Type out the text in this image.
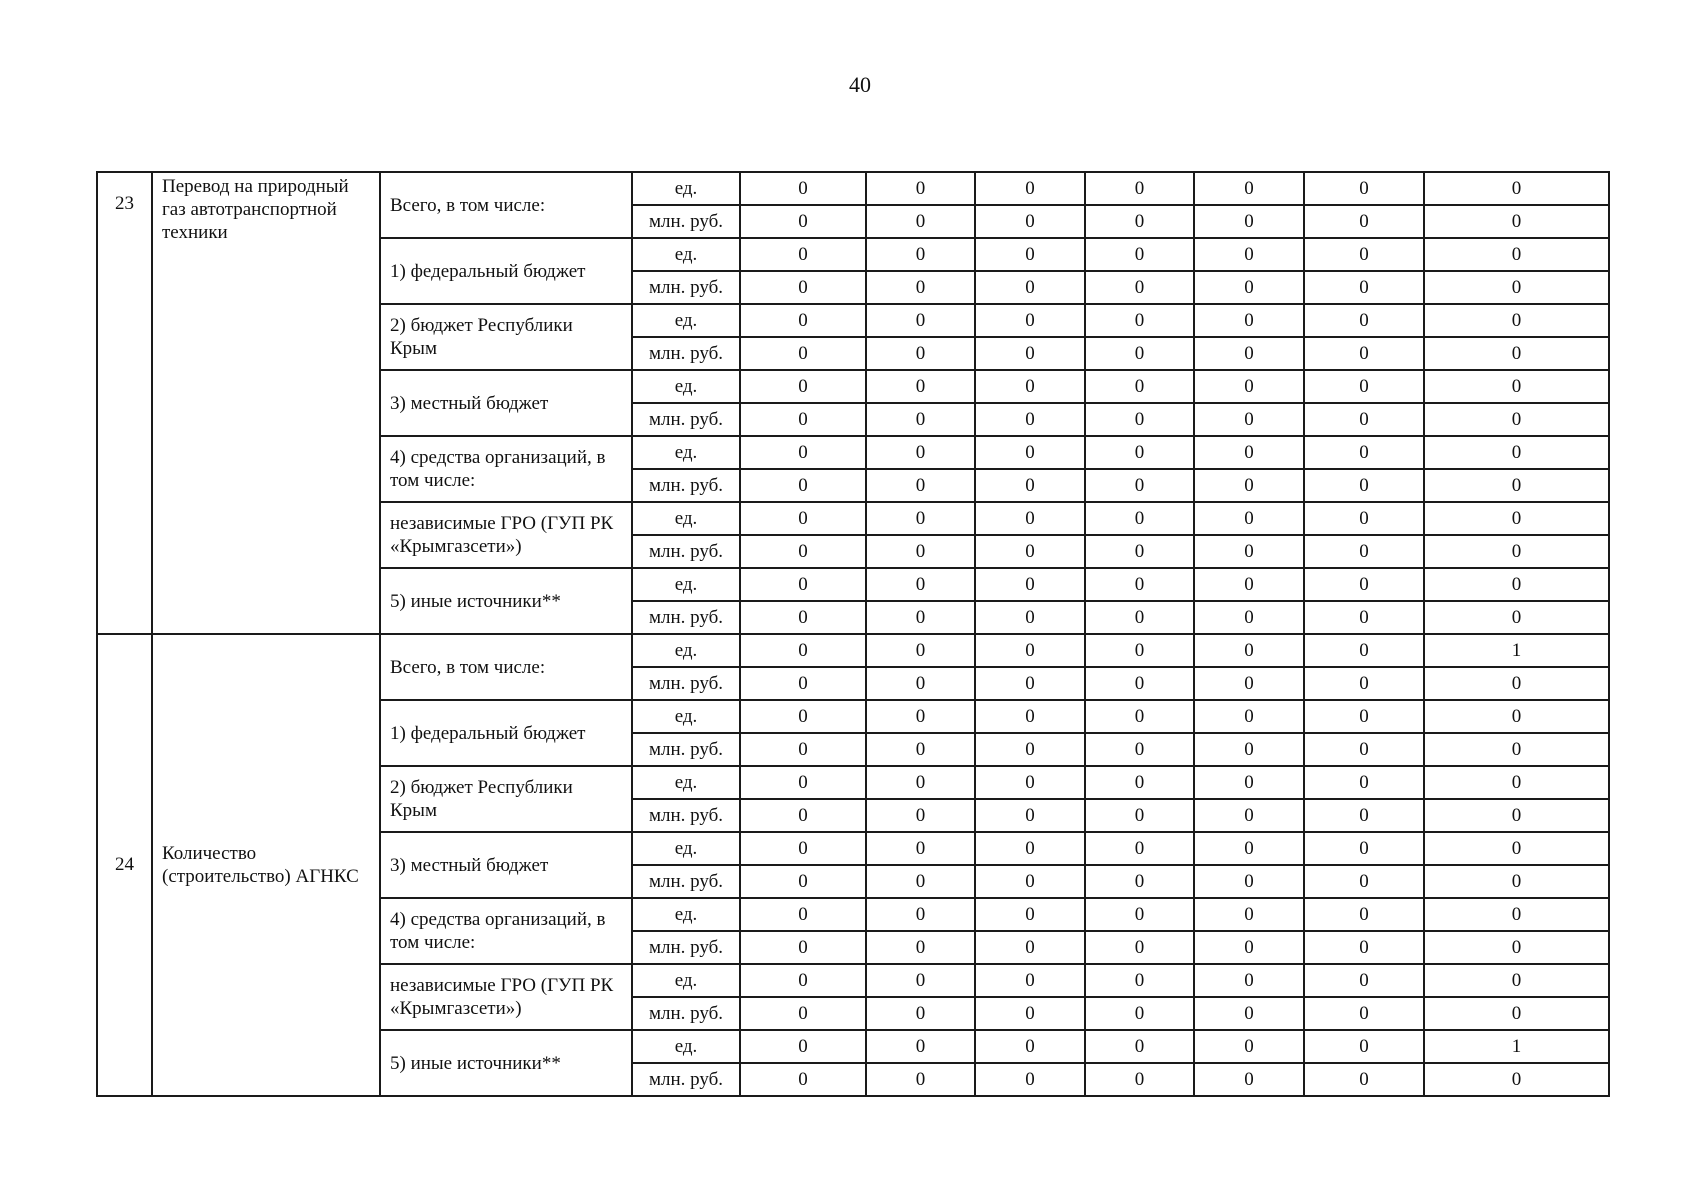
40
23	Перевод на природный газ автотранспортной техники	Всего, в том числе:	ед.	0	0	0	0	0	0	0
			млн. руб.	0	0	0	0	0	0	0
		1) федеральный бюджет	ед.	0	0	0	0	0	0	0
			млн. руб.	0	0	0	0	0	0	0
		2) бюджет Республики Крым	ед.	0	0	0	0	0	0	0
			млн. руб.	0	0	0	0	0	0	0
		3) местный бюджет	ед.	0	0	0	0	0	0	0
			млн. руб.	0	0	0	0	0	0	0
		4) средства организаций, в том числе:	ед.	0	0	0	0	0	0	0
			млн. руб.	0	0	0	0	0	0	0
		независимые ГРО (ГУП РК «Крымгазсети»)	ед.	0	0	0	0	0	0	0
			млн. руб.	0	0	0	0	0	0	0
		5) иные источники**	ед.	0	0	0	0	0	0	0
			млн. руб.	0	0	0	0	0	0	0
24	Количество (строительство) АГНКС	Всего, в том числе:	ед.	0	0	0	0	0	0	1
			млн. руб.	0	0	0	0	0	0	0
		1) федеральный бюджет	ед.	0	0	0	0	0	0	0
			млн. руб.	0	0	0	0	0	0	0
		2) бюджет Республики Крым	ед.	0	0	0	0	0	0	0
			млн. руб.	0	0	0	0	0	0	0
		3) местный бюджет	ед.	0	0	0	0	0	0	0
			млн. руб.	0	0	0	0	0	0	0
		4) средства организаций, в том числе:	ед.	0	0	0	0	0	0	0
			млн. руб.	0	0	0	0	0	0	0
		независимые ГРО (ГУП РК «Крымгазсети»)	ед.	0	0	0	0	0	0	0
			млн. руб.	0	0	0	0	0	0	0
		5) иные источники**	ед.	0	0	0	0	0	0	1
			млн. руб.	0	0	0	0	0	0	0
